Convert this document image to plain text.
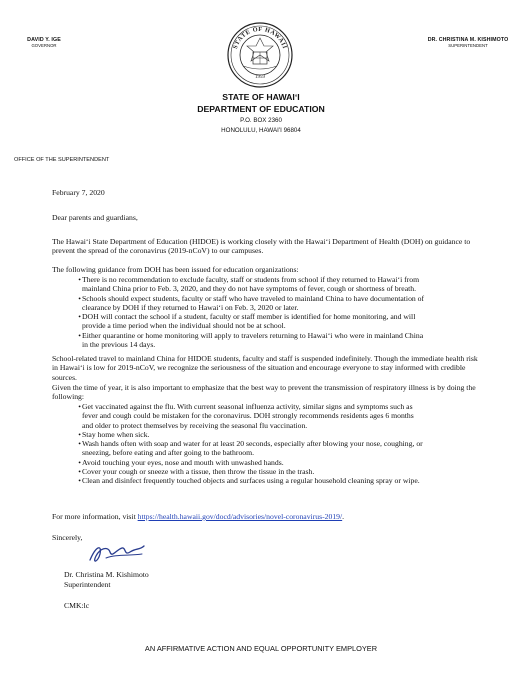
DAVID Y. IGE
GOVERNOR	STATE OF HAWAII
1959
DR. CHRISTINA M. KISHIMOTO
SUPERINTENDENT
STATE OF HAWAIʻI
DEPARTMENT OF EDUCATION
P.O. BOX 2360
HONOLULU, HAWAIʻI 96804
OFFICE OF THE SUPERINTENDENT
February 7, 2020
Dear parents and guardians,
The Hawaiʻi State Department of Education (HIDOE) is working closely with the Hawaiʻi Department of Health (DOH) on guidance to prevent the spread of the coronavirus (2019-nCoV) to our campuses.
The following guidance from DOH has been issued for education organizations:
• There is no recommendation to exclude faculty, staff or students from school if they returned to Hawaiʻi from
mainland China prior to Feb. 3, 2020, and they do not have symptoms of fever, cough or shortness of breath.
• Schools should expect students, faculty or staff who have traveled to mainland China to have documentation of
clearance by DOH if they returned to Hawaiʻi on Feb. 3, 2020 or later.
• DOH will contact the school if a student, faculty or staff member is identified for home monitoring, and will
provide a time period when the individual should not be at school.
• Either quarantine or home monitoring will apply to travelers returning to Hawaiʻi who were in mainland China
in the previous 14 days.
School-related travel to mainland China for HIDOE students, faculty and staff is suspended indefinitely. Though the immediate health risk in Hawaiʻi is low for 2019-nCoV, we recognize the seriousness of the situation and encourage everyone to stay informed with credible sources.
Given the time of year, it is also important to emphasize that the best way to prevent the transmission of respiratory illness is by doing the following:
• Get vaccinated against the flu. With current seasonal influenza activity, similar signs and symptoms such as
fever and cough could be mistaken for the coronavirus. DOH strongly recommends residents ages 6 months
and older to protect themselves by receiving the seasonal flu vaccination.
• Stay home when sick.
• Wash hands often with soap and water for at least 20 seconds, especially after blowing your nose, coughing, or
sneezing, before eating and after going to the bathroom.
• Avoid touching your eyes, nose and mouth with unwashed hands.
• Cover your cough or sneeze with a tissue, then throw the tissue in the trash.
• Clean and disinfect frequently touched objects and surfaces using a regular household cleaning spray or wipe.
For more information, visit https://health.hawaii.gov/docd/advisories/novel-coronavirus-2019/.
Sincerely,
Dr. Christina M. Kishimoto
Superintendent
CMK:lc
AN AFFIRMATIVE ACTION AND EQUAL OPPORTUNITY EMPLOYER
